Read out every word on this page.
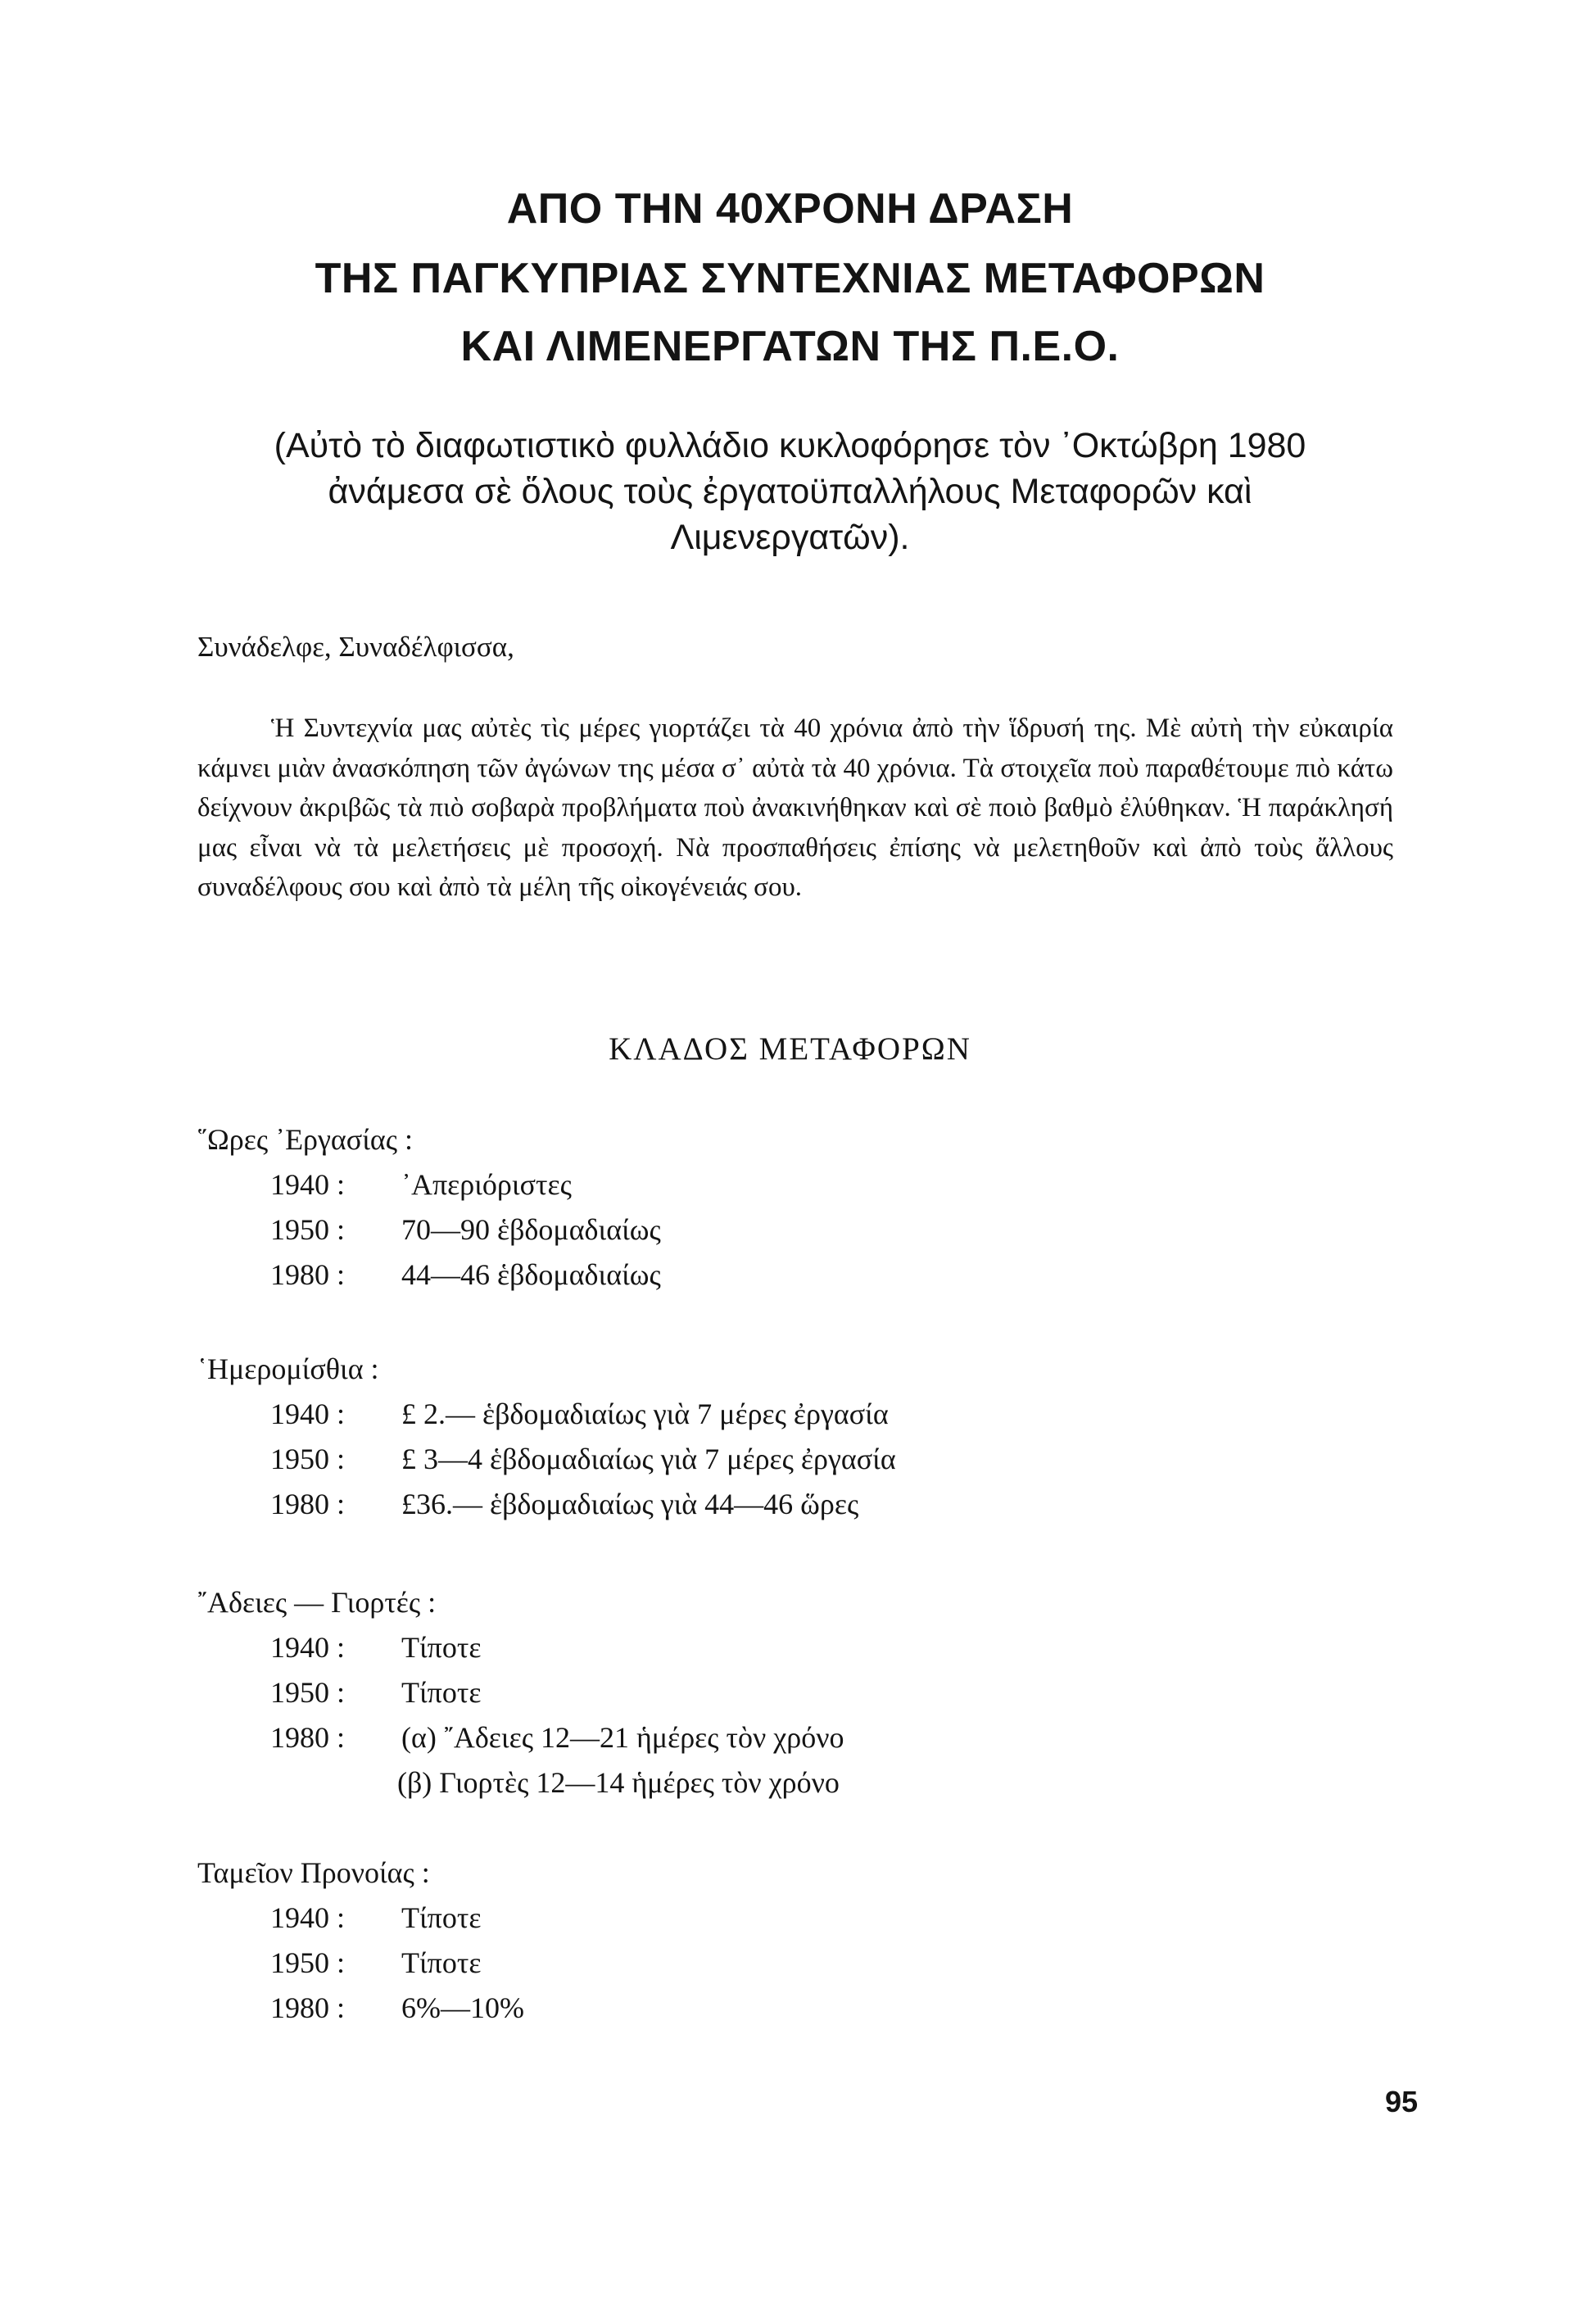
ΑΠΟ ΤΗΝ 40ΧΡΟΝΗ ΔΡΑΣΗ
ΤΗΣ ΠΑΓΚΥΠΡΙΑΣ ΣΥΝΤΕΧΝΙΑΣ ΜΕΤΑΦΟΡΩΝ
ΚΑΙ ΛΙΜΕΝΕΡΓΑΤΩΝ ΤΗΣ Π.Ε.Ο.
(Αὐτὸ τὸ διαφωτιστικὸ φυλλάδιο κυκλοφόρησε τὸν ᾿Οκτώβρη 1980
ἀνάμεσα σὲ ὅλους τοὺς ἐργατοϋπαλλήλους Μεταφορῶν καὶ
Λιμενεργατῶν).
Συνάδελφε, Συναδέλφισσα,

Ἡ Συντεχνία μας αὐτὲς τὶς μέρες γιορτάζει τὰ 40 χρόνια ἀπὸ τὴν ἵδρυσή της. Μὲ αὐτὴ τὴν εὐκαιρία κάμνει μιὰν ἀνασκόπηση τῶν ἀγώνων της μέσα σ᾿ αὐτὰ τὰ 40 χρόνια. Τὰ στοιχεῖα ποὺ παραθέτουμε πιὸ κάτω δείχνουν ἀκριβῶς τὰ πιὸ σοβαρὰ προβλήματα ποὺ ἀνακινήθηκαν καὶ σὲ ποιὸ βαθμὸ ἐλύθηκαν. Ἡ παράκλησή μας εἶναι νὰ τὰ μελετήσεις μὲ προσοχή. Νὰ προσπαθήσεις ἐπίσης νὰ μελετηθοῦν καὶ ἀπὸ τοὺς ἄλλους συναδέλφους σου καὶ ἀπὸ τὰ μέλη τῆς οἰκογένειάς σου.

ΚΛΑΔΟΣ ΜΕΤΑΦΟΡΩΝ
῞Ωρες ᾿Εργασίας :
1940 : ᾿Απεριόριστες
1950 : 70—90 ἑβδομαδιαίως
1980 : 44—46 ἑβδομαδιαίως
῾Ημερομίσθια :
1940 : £ 2.— ἑβδομαδιαίως γιὰ 7 μέρες ἐργασία
1950 : £ 3—4 ἑβδομαδιαίως γιὰ 7 μέρες ἐργασία
1980 : £36.— ἑβδομαδιαίως γιὰ 44—46 ὥρες
῎Αδειες — Γιορτές :
1940 : Τίποτε
1950 : Τίποτε
1980 : (α) ῎Αδειες 12—21 ἡμέρες τὸν χρόνο
(β) Γιορτὲς 12—14 ἡμέρες τὸν χρόνο
Ταμεῖον Προνοίας :
1940 : Τίποτε
1950 : Τίποτε
1980 : 6%—10%
95
